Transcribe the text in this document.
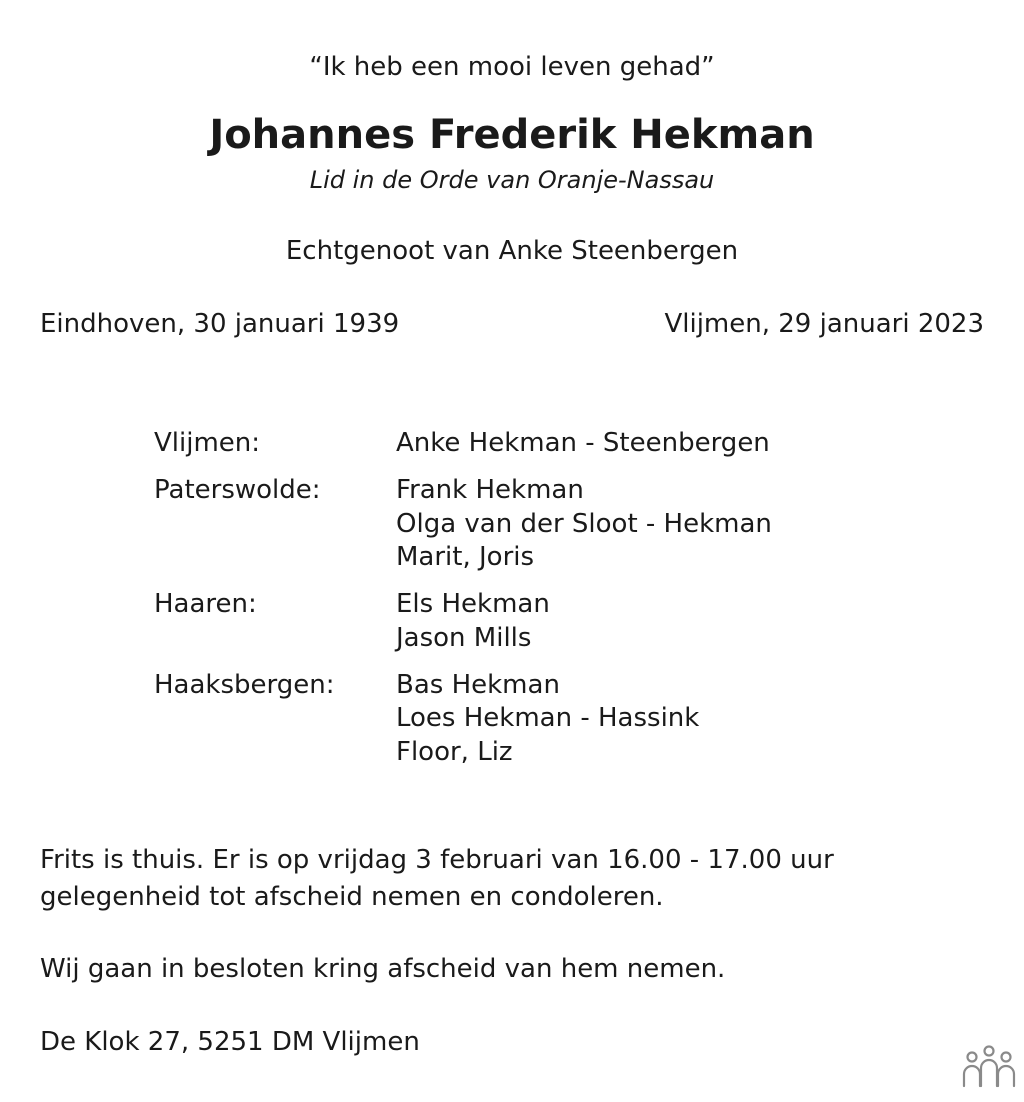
“Ik heb een mooi leven gehad”
Johannes Frederik Hekman
Lid in de Orde van Oranje-Nassau
Echtgenoot van Anke Steenbergen
Eindhoven, 30 januari 1939	Vlijmen, 29 januari 2023
Vlijmen:	Anke Hekman - Steenbergen
Paterswolde:	Frank Hekman
Olga van der Sloot - Hekman
Marit, Joris
Haaren:	Els Hekman
Jason Mills
Haaksbergen: Bas Hekman
Loes Hekman - Hassink
Floor, Liz
Frits is thuis. Er is op vrijdag 3 februari van 16.00 - 17.00 uur
gelegenheid tot afscheid nemen en condoleren.
Wij gaan in besloten kring afscheid van hem nemen.
De Klok 27, 5251 DM Vlijmen
